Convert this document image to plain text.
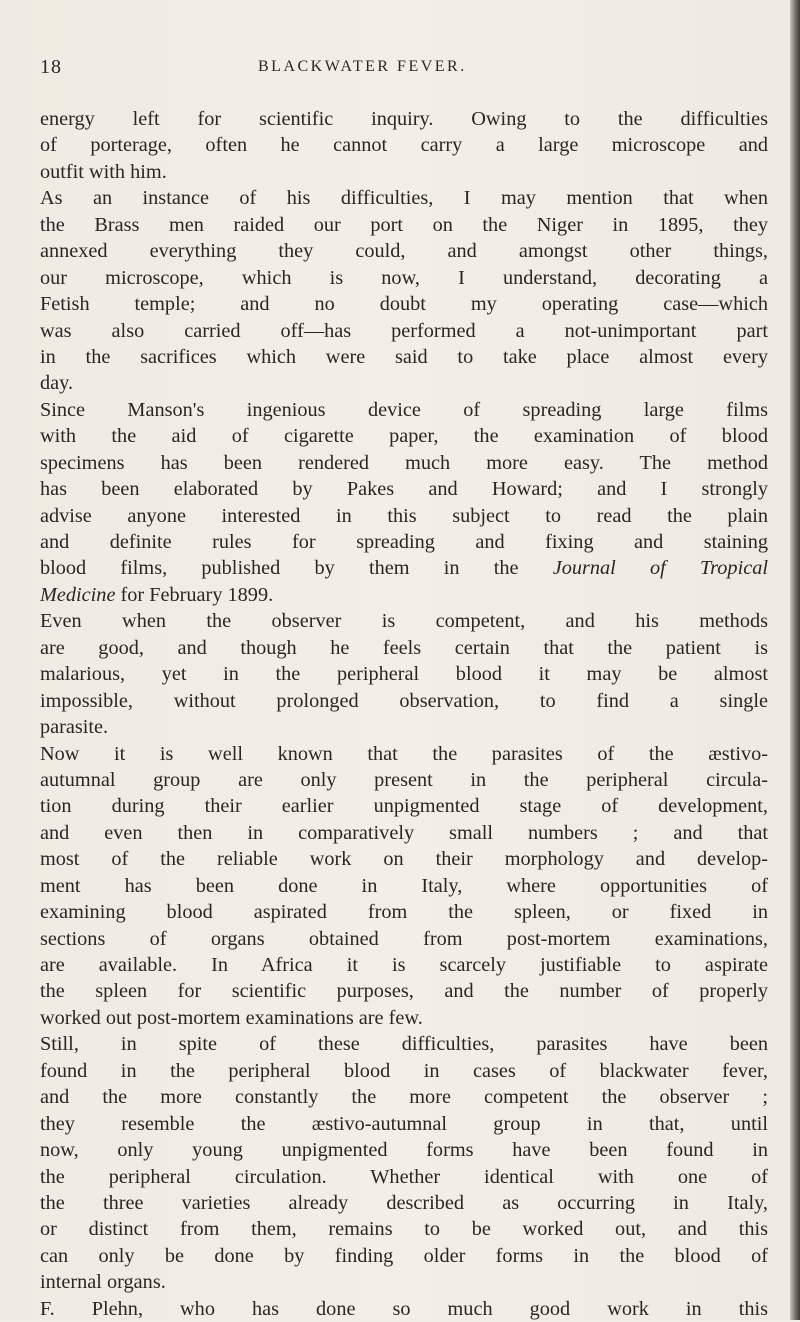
18	BLACKWATER FEVER.
energy left for scientific inquiry. Owing to the difficulties
of porterage, often he cannot carry a large microscope and
outfit with him.
As an instance of his difficulties, I may mention that when
the Brass men raided our port on the Niger in 1895, they
annexed everything they could, and amongst other things,
our microscope, which is now, I understand, decorating a
Fetish temple; and no doubt my operating case—which
was also carried off—has performed a not-unimportant part
in the sacrifices which were said to take place almost every
day.
Since Manson's ingenious device of spreading large films
with the aid of cigarette paper, the examination of blood
specimens has been rendered much more easy. The method
has been elaborated by Pakes and Howard; and I strongly
advise anyone interested in this subject to read the plain
and definite rules for spreading and fixing and staining
blood films, published by them in the Journal of Tropical
Medicine for February 1899.
Even when the observer is competent, and his methods
are good, and though he feels certain that the patient is
malarious, yet in the peripheral blood it may be almost
impossible, without prolonged observation, to find a single
parasite.
Now it is well known that the parasites of the æstivo-
autumnal group are only present in the peripheral circula-
tion during their earlier unpigmented stage of development,
and even then in comparatively small numbers ; and that
most of the reliable work on their morphology and develop-
ment has been done in Italy, where opportunities of
examining blood aspirated from the spleen, or fixed in
sections of organs obtained from post-mortem examinations,
are available. In Africa it is scarcely justifiable to aspirate
the spleen for scientific purposes, and the number of properly
worked out post-mortem examinations are few.
Still, in spite of these difficulties, parasites have been
found in the peripheral blood in cases of blackwater fever,
and the more constantly the more competent the observer ;
they resemble the æstivo-autumnal group in that, until
now, only young unpigmented forms have been found in
the peripheral circulation. Whether identical with one of
the three varieties already described as occurring in Italy,
or distinct from them, remains to be worked out, and this
can only be done by finding older forms in the blood of
internal organs.
F. Plehn, who has done so much good work in this
